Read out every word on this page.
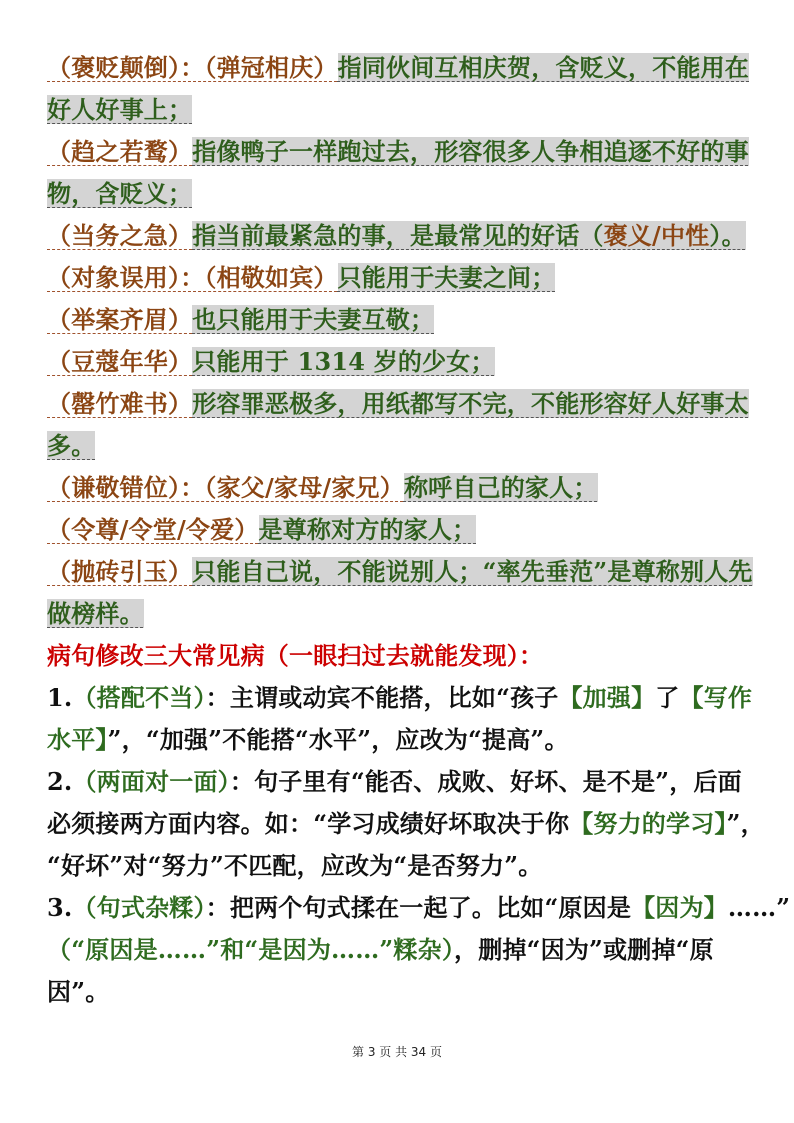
（褒贬颠倒）：（弹冠相庆）指同伙间互相庆贺，含贬义，不能用在
好人好事上；
（趋之若鹜）指像鸭子一样跑过去，形容很多人争相追逐不好的事
物，含贬义；
（当务之急）指当前最紧急的事，是最常见的好话（褒义/中性）。
（对象误用）：（相敬如宾）只能用于夫妻之间；
（举案齐眉）也只能用于夫妻互敬；
（豆蔻年华）只能用于 1314 岁的少女；
（罄竹难书）形容罪恶极多，用纸都写不完，不能形容好人好事太
多。
（谦敬错位）：（家父/家母/家兄）称呼自己的家人；
（令尊/令堂/令爱）是尊称对方的家人；
（抛砖引玉）只能自己说，不能说别人；“率先垂范”是尊称别人先
做榜样。
病句修改三大常见病（一眼扫过去就能发现）：
1.（搭配不当）：主谓或动宾不能搭，比如“孩子【加强】了【写作
水平】”，“加强”不能搭“水平”，应改为“提高”。
2.（两面对一面）：句子里有“能否、成败、好坏、是不是”，后面
必须接两方面内容。如：“学习成绩好坏取决于你【努力的学习】”，
“好坏”对“努力”不匹配，应改为“是否努力”。
3.（句式杂糅）：把两个句式揉在一起了。比如“原因是【因为】……”
（“原因是……”和“是因为……”糅杂），删掉“因为”或删掉“原
因”。
第 3 页 共 34 页
